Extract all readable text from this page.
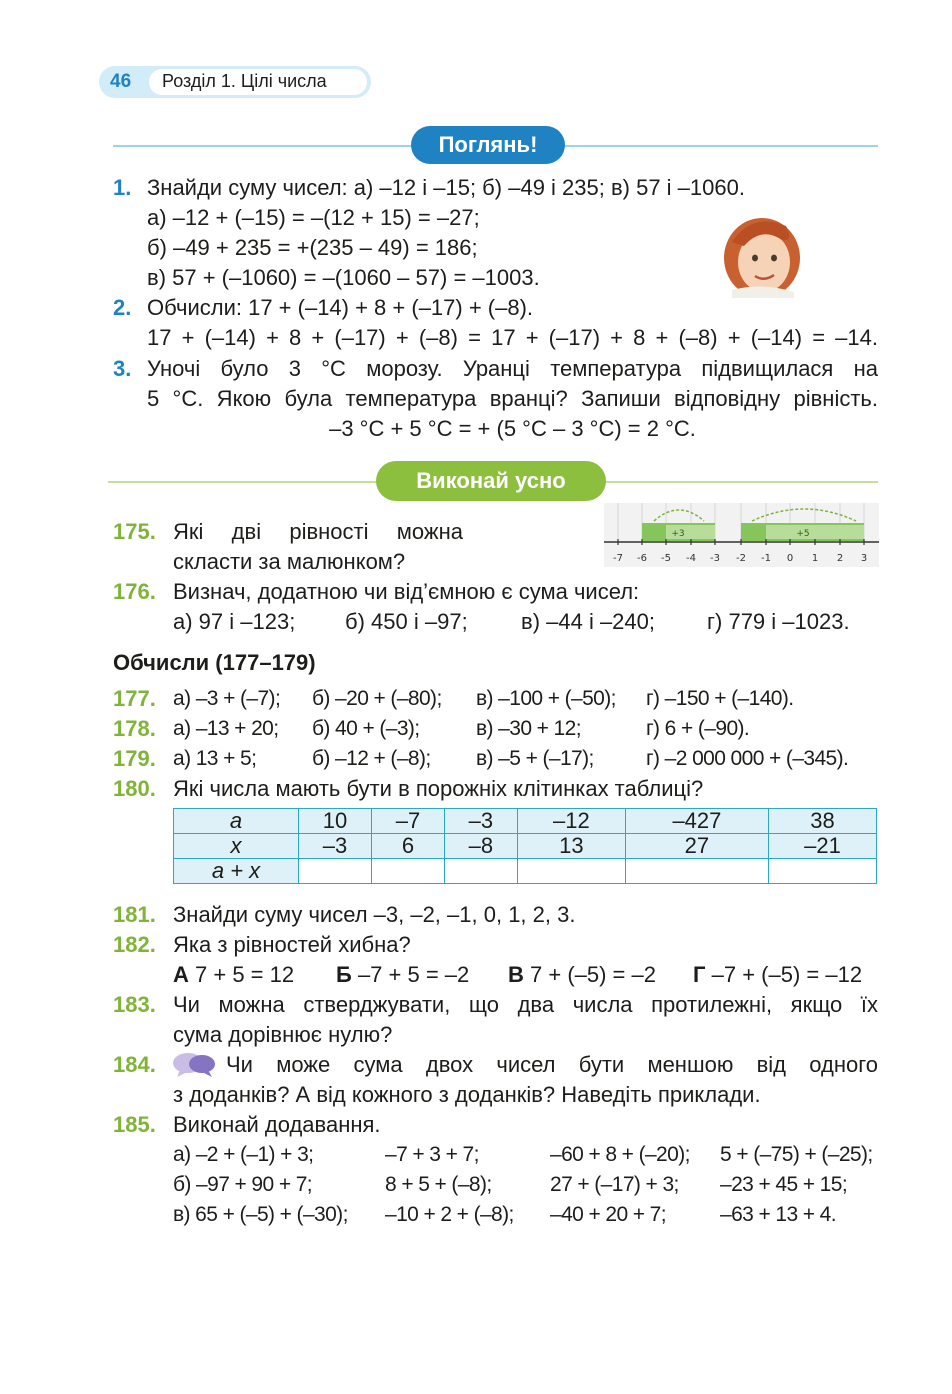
46 Розділ 1. Цілі числа
Поглянь!
1. Знайди суму чисел: а) –12 і –15; б) –49 і 235; в) 57 і –1060.
а) –12 + (–15) = –(12 + 15) = –27;
б) –49 + 235 = +(235 – 49) = 186;
в) 57 + (–1060) = –(1060 – 57) = –1003.
2. Обчисли: 17 + (–14) + 8 + (–17) + (–8).
17 + (–14) + 8 + (–17) + (–8) = 17 + (–17) + 8 + (–8) + (–14) = –14.
3. Уночі було 3 °С морозу. Уранці температура підвищилася на
5 °С. Якою була температура вранці? Запиши відповідну рівність.
–3 °С + 5 °С = + (5 °С – 3 °С) = 2 °С.
Виконай усно
175. Які дві рівності можна
скласти за малюнком?
+3	+5
-7 -6 -5 -4 -3 -2 -1 0 1 2 3
176. Визнач, додатною чи від’ємною є сума чисел:
а) 97 і –123; б) 450 і –97; в) –44 і –240; г) 779 і –1023.
Обчисли (177–179)
177. а) –3 + (–7); б) –20 + (–80); в) –100 + (–50); г) –150 + (–140).
178. а) –13 + 20; б) 40 + (–3);	в) –30 + 12;	г) 6 + (–90).
179. а) 13 + 5;	б) –12 + (–8); в) –5 + (–17); г) –2 000 000 + (–345).
180. Які числа мають бути в порожніх клітинках таблиці?
a	10	–7	–3	–12	–427	38
x	–3	6	–8	13	27	–21
a + x						
181. Знайди суму чисел –3, –2, –1, 0, 1, 2, 3.
182. Яка з рівностей хибна?
А 7 + 5 = 12 Б –7 + 5 = –2 В 7 + (–5) = –2 Г –7 + (–5) = –12
183. Чи можна стверджувати, що два числа протилежні, якщо їх
сума дорівнює нулю?
184.	Чи може сума двох чисел бути меншою від одного
з доданків? А від кожного з доданків? Наведіть приклади.
185. Виконай додавання.
а) –2 + (–1) + 3;	–7 + 3 + 7;	–60 + 8 + (–20); 5 + (–75) + (–25);
б) –97 + 90 + 7;	8 + 5 + (–8);	27 + (–17) + 3; –23 + 45 + 15;
в) 65 + (–5) + (–30); –10 + 2 + (–8); –40 + 20 + 7;	–63 + 13 + 4.
